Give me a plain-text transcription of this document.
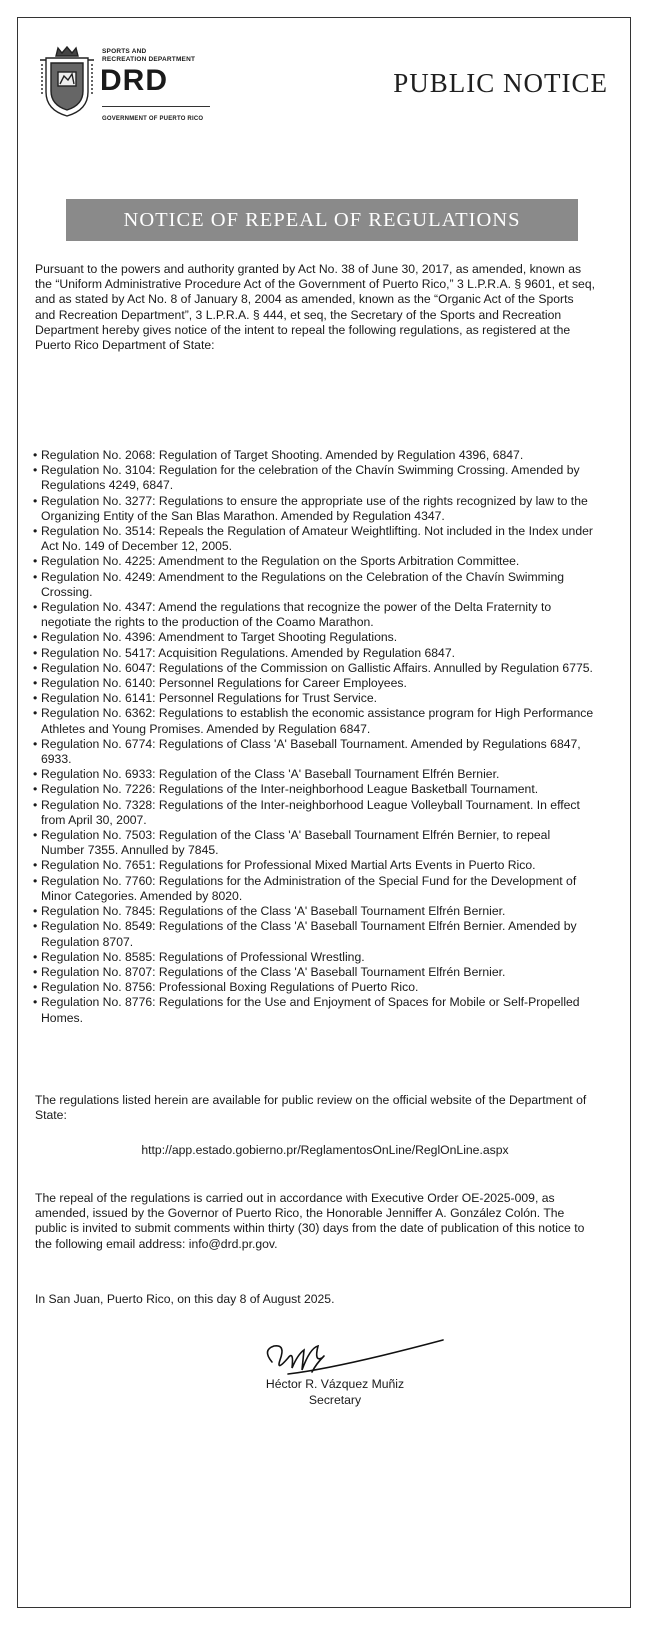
SPORTS AND
RECREATION DEPARTMENT
DRD
GOVERNMENT OF PUERTO RICO
PUBLIC NOTICE
NOTICE OF REPEAL OF REGULATIONS

Pursuant to the powers and authority granted by Act No. 38 of June 30, 2017, as amended, known as the “Uniform Administrative Procedure Act of the Government of Puerto Rico,” 3 L.P.R.A. § 9601, et seq, and as stated by Act No. 8 of January 8, 2004 as amended, known as the “Organic Act of the Sports and Recreation Department”, 3 L.P.R.A. § 444, et seq, the Secretary of the Sports and Recreation Department hereby gives notice of the intent to repeal the following regulations, as registered at the Puerto Rico Department of State:

• Regulation No. 2068: Regulation of Target Shooting. Amended by Regulation 4396, 6847.
• Regulation No. 3104: Regulation for the celebration of the Chavín Swimming Crossing. Amended by Regulations 4249, 6847.
• Regulation No. 3277: Regulations to ensure the appropriate use of the rights recognized by law to the Organizing Entity of the San Blas Marathon. Amended by Regulation 4347.
• Regulation No. 3514: Repeals the Regulation of Amateur Weightlifting. Not included in the Index under Act No. 149 of December 12, 2005.
• Regulation No. 4225: Amendment to the Regulation on the Sports Arbitration Committee.
• Regulation No. 4249: Amendment to the Regulations on the Celebration of the Chavín Swimming Crossing.
• Regulation No. 4347: Amend the regulations that recognize the power of the Delta Fraternity to negotiate the rights to the production of the Coamo Marathon.
• Regulation No. 4396: Amendment to Target Shooting Regulations.
• Regulation No. 5417: Acquisition Regulations. Amended by Regulation 6847.
• Regulation No. 6047: Regulations of the Commission on Gallistic Affairs. Annulled by Regulation 6775.
• Regulation No. 6140: Personnel Regulations for Career Employees.
• Regulation No. 6141: Personnel Regulations for Trust Service.
• Regulation No. 6362: Regulations to establish the economic assistance program for High Performance Athletes and Young Promises. Amended by Regulation 6847.
• Regulation No. 6774: Regulations of Class 'A' Baseball Tournament. Amended by Regulations 6847, 6933.
• Regulation No. 6933: Regulation of the Class 'A' Baseball Tournament Elfrén Bernier.
• Regulation No. 7226: Regulations of the Inter-neighborhood League Basketball Tournament.
• Regulation No. 7328: Regulations of the Inter-neighborhood League Volleyball Tournament. In effect from April 30, 2007.
• Regulation No. 7503: Regulation of the Class 'A' Baseball Tournament Elfrén Bernier, to repeal Number 7355. Annulled by 7845.
• Regulation No. 7651: Regulations for Professional Mixed Martial Arts Events in Puerto Rico.
• Regulation No. 7760: Regulations for the Administration of the Special Fund for the Development of Minor Categories. Amended by 8020.
• Regulation No. 7845: Regulations of the Class 'A' Baseball Tournament Elfrén Bernier.
• Regulation No. 8549: Regulations of the Class 'A' Baseball Tournament Elfrén Bernier. Amended by Regulation 8707.
• Regulation No. 8585: Regulations of Professional Wrestling.
• Regulation No. 8707: Regulations of the Class 'A' Baseball Tournament Elfrén Bernier.
• Regulation No. 8756: Professional Boxing Regulations of Puerto Rico.
• Regulation No. 8776: Regulations for the Use and Enjoyment of Spaces for Mobile or Self-Propelled Homes.

The regulations listed herein are available for public review on the official website of the Department of State:

http://app.estado.gobierno.pr/ReglamentosOnLine/ReglOnLine.aspx

The repeal of the regulations is carried out in accordance with Executive Order OE-2025-009, as amended, issued by the Governor of Puerto Rico, the Honorable Jenniffer A. González Colón. The public is invited to submit comments within thirty (30) days from the date of publication of this notice to the following email address: info@drd.pr.gov.

In San Juan, Puerto Rico, on this day 8 of August 2025.

Héctor R. Vázquez Muñiz
Secretary
